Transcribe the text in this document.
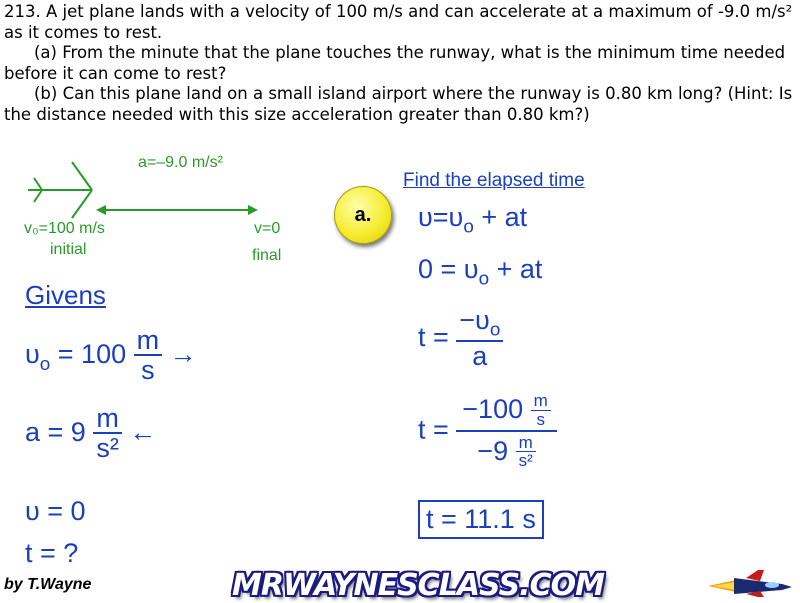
213. A jet plane lands with a velocity of 100 m/s and can accelerate at a maximum of -9.0 m/s² as it comes to rest.

(a) From the minute that the plane touches the runway, what is the minimum time needed before it can come to rest?

(b) Can this plane land on a small island airport where the runway is 0.80 km long? (Hint: Is the distance needed with this size acceleration greater than 0.80 km?)

a=–9.0 m/s²
v₀=100 m/s
initial
v=0
final
Givens
$\upsilon_o = 100 \frac{m}{s}$ →
$a = 9 \frac{m}{\text{s²}}$ ←
υ = 0
t = ?
a.
Find the elapsed time
$\upsilon=\upsilon_o$ + at
$0 = \upsilon_o$ + at
$t = \frac{-\upsilon_o}{a}$
$t = \frac{-100 \frac{m}{s}}{-9 \frac{m}{\text{s²}}}$
t = 11.1 s
by T.Wayne	MRWAYNESCLASS.COM
